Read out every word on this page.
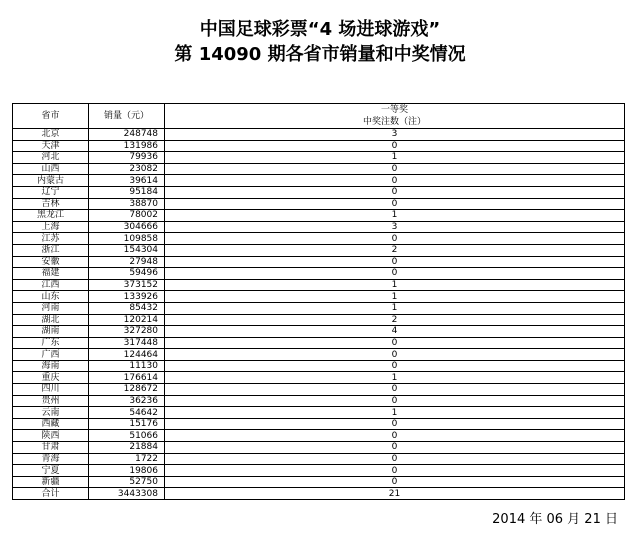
中国足球彩票“4 场进球游戏”
第 14090 期各省市销量和中奖情况
省市	销量（元）	一等奖
		中奖注数（注）
北京	248748	3
天津	131986	0
河北	79936	1
山西	23082	0
内蒙古	39614	0
辽宁	95184	0
吉林	38870	0
黑龙江	78002	1
上海	304666	3
江苏	109858	0
浙江	154304	2
安徽	27948	0
福建	59496	0
江西	373152	1
山东	133926	1
河南	85432	1
湖北	120214	2
湖南	327280	4
广东	317448	0
广西	124464	0
海南	11130	0
重庆	176614	1
四川	128672	0
贵州	36236	0
云南	54642	1
西藏	15176	0
陕西	51066	0
甘肃	21884	0
青海	1722	0
宁夏	19806	0
新疆	52750	0
合计	3443308	21
2014 年 06 月 21 日
